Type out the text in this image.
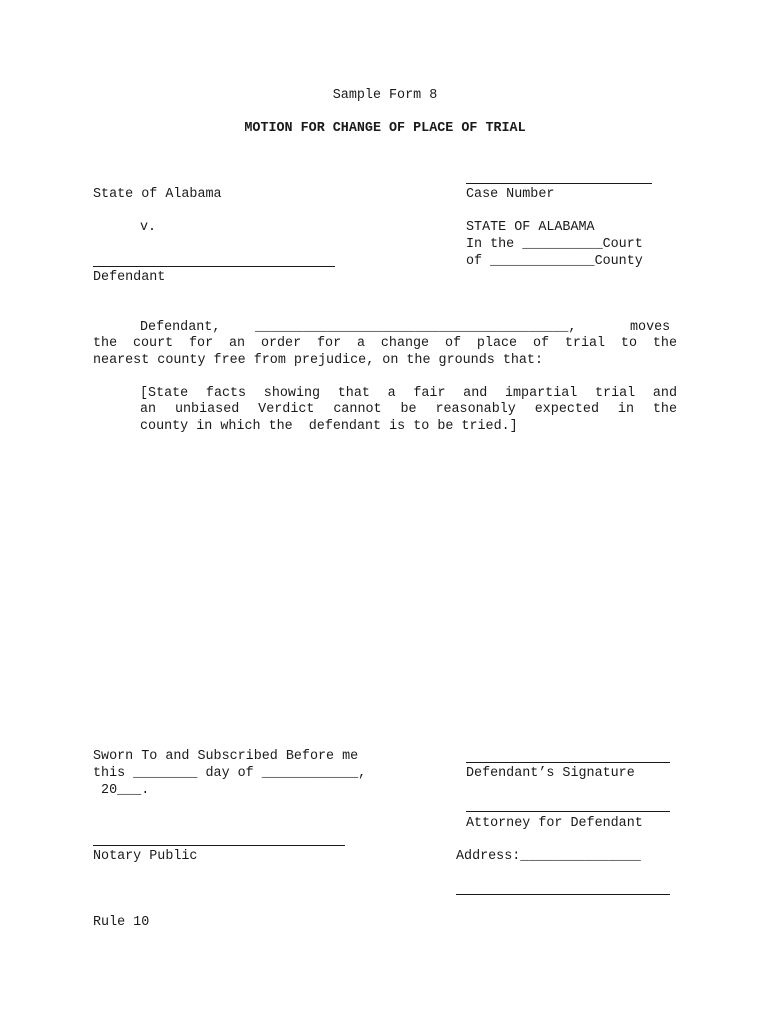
Sample Form 8
MOTION FOR CHANGE OF PLACE OF TRIAL
State of Alabama
v.
Defendant
Case Number
STATE OF ALABAMA
In the __________Court
of _____________County
Defendant,	_______________________________________,	moves
the court for an order for a change of place of trial to the
nearest county free from prejudice, on the grounds that:
[State facts showing that a fair and impartial trial and
an unbiased Verdict cannot be reasonably expected in the
county in which the  defendant is to be tried.]
Sworn To and Subscribed Before me
this ________ day of ____________,
20___.
Notary Public
Defendant’s Signature
Attorney for Defendant
Address:_______________
Rule 10
